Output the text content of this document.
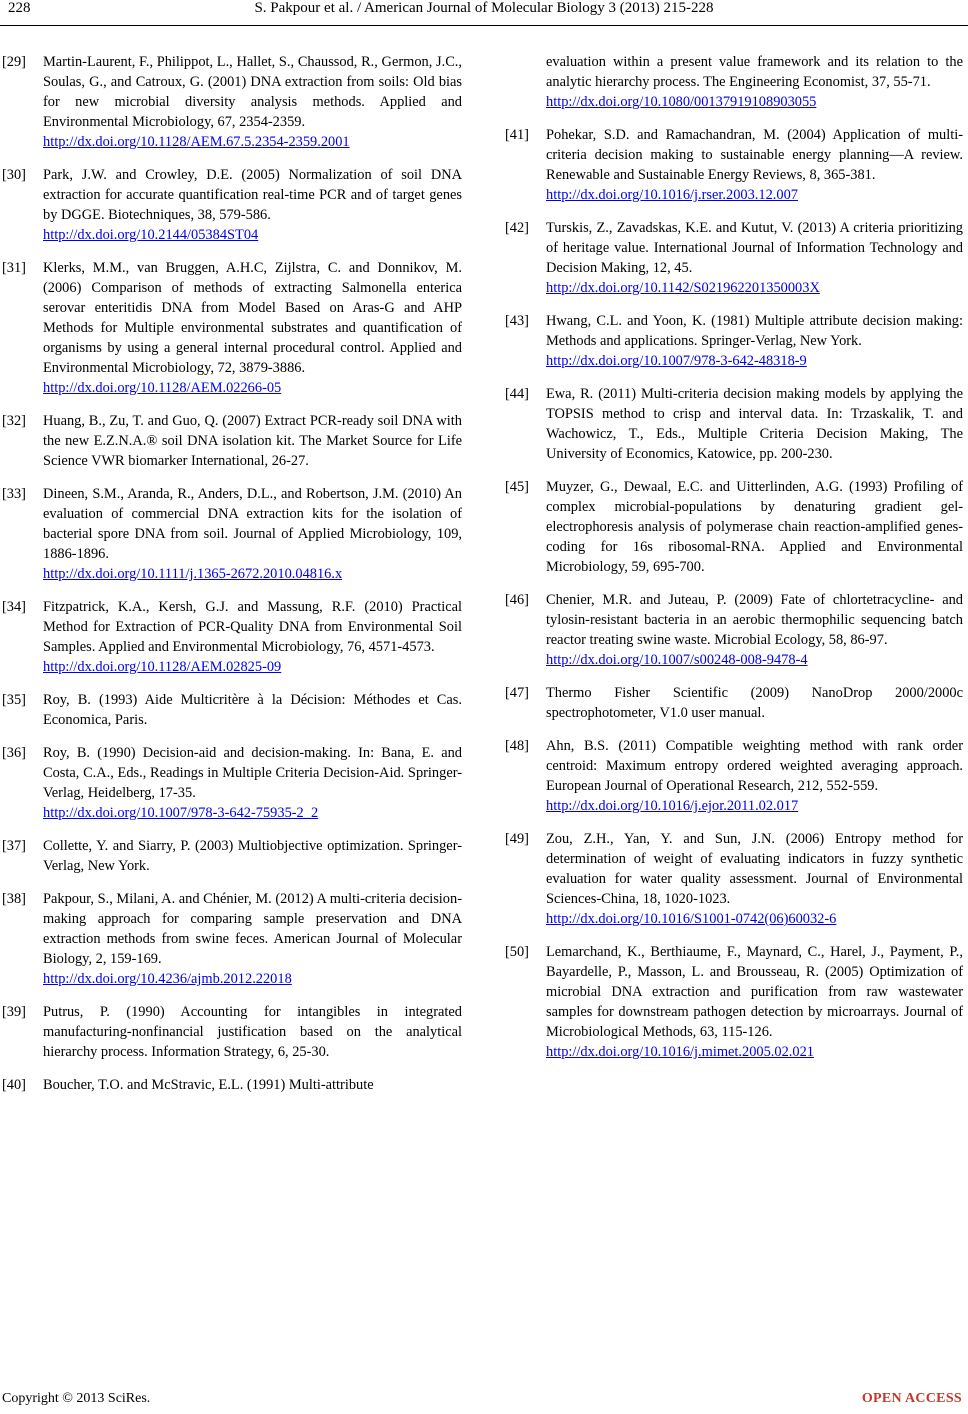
228	S. Pakpour et al. / American Journal of Molecular Biology 3 (2013) 215-228
[29] Martin-Laurent, F., Philippot, L., Hallet, S., Chaussod, R., Germon, J.C., Soulas, G., and Catroux, G. (2001) DNA extraction from soils: Old bias for new microbial diversity analysis methods. Applied and Environmental Microbiology, 67, 2354-2359.
http://dx.doi.org/10.1128/AEM.67.5.2354-2359.2001
[30] Park, J.W. and Crowley, D.E. (2005) Normalization of soil DNA extraction for accurate quantification real-time PCR and of target genes by DGGE. Biotechniques, 38, 579-586.
http://dx.doi.org/10.2144/05384ST04
[31] Klerks, M.M., van Bruggen, A.H.C, Zijlstra, C. and Donnikov, M. (2006) Comparison of methods of extracting Salmonella enterica serovar enteritidis DNA from Model Based on Aras-G and AHP Methods for Multiple environmental substrates and quantification of organisms by using a general internal procedural control. Applied and Environmental Microbiology, 72, 3879-3886.
http://dx.doi.org/10.1128/AEM.02266-05
[32] Huang, B., Zu, T. and Guo, Q. (2007) Extract PCR-ready soil DNA with the new E.Z.N.A.® soil DNA isolation kit. The Market Source for Life Science VWR biomarker International, 26-27.
[33] Dineen, S.M., Aranda, R., Anders, D.L., and Robertson, J.M. (2010) An evaluation of commercial DNA extraction kits for the isolation of bacterial spore DNA from soil. Journal of Applied Microbiology, 109, 1886-1896.
http://dx.doi.org/10.1111/j.1365-2672.2010.04816.x
[34] Fitzpatrick, K.A., Kersh, G.J. and Massung, R.F. (2010) Practical Method for Extraction of PCR-Quality DNA from Environmental Soil Samples. Applied and Environmental Microbiology, 76, 4571-4573.
http://dx.doi.org/10.1128/AEM.02825-09
[35] Roy, B. (1993) Aide Multicritère à la Décision: Méthodes et Cas. Economica, Paris.
[36] Roy, B. (1990) Decision-aid and decision-making. In: Bana, E. and Costa, C.A., Eds., Readings in Multiple Criteria Decision-Aid. Springer-Verlag, Heidelberg, 17-35.
http://dx.doi.org/10.1007/978-3-642-75935-2_2
[37] Collette, Y. and Siarry, P. (2003) Multiobjective optimization. Springer-Verlag, New York.
[38] Pakpour, S., Milani, A. and Chénier, M. (2012) A multi-criteria decision-making approach for comparing sample preservation and DNA extraction methods from swine feces. American Journal of Molecular Biology, 2, 159-169.
http://dx.doi.org/10.4236/ajmb.2012.22018
[39] Putrus, P. (1990) Accounting for intangibles in integrated manufacturing-nonfinancial justification based on the analytical hierarchy process. Information Strategy, 6, 25-30.
[40] Boucher, T.O. and McStravic, E.L. (1991) Multi-attribute
evaluation within a present value framework and its relation to the analytic hierarchy process. The Engineering Economist, 37, 55-71.
http://dx.doi.org/10.1080/00137919108903055
[41] Pohekar, S.D. and Ramachandran, M. (2004) Application of multi-criteria decision making to sustainable energy planning—A review. Renewable and Sustainable Energy Reviews, 8, 365-381.
http://dx.doi.org/10.1016/j.rser.2003.12.007
[42] Turskis, Z., Zavadskas, K.E. and Kutut, V. (2013) A criteria prioritizing of heritage value. International Journal of Information Technology and Decision Making, 12, 45.
http://dx.doi.org/10.1142/S021962201350003X
[43] Hwang, C.L. and Yoon, K. (1981) Multiple attribute decision making: Methods and applications. Springer-Verlag, New York.
http://dx.doi.org/10.1007/978-3-642-48318-9
[44] Ewa, R. (2011) Multi-criteria decision making models by applying the TOPSIS method to crisp and interval data. In: Trzaskalik, T. and Wachowicz, T., Eds., Multiple Criteria Decision Making, The University of Economics, Katowice, pp. 200-230.
[45] Muyzer, G., Dewaal, E.C. and Uitterlinden, A.G. (1993) Profiling of complex microbial-populations by denaturing gradient gel-electrophoresis analysis of polymerase chain reaction-amplified genes-coding for 16s ribosomal-RNA. Applied and Environmental Microbiology, 59, 695-700.
[46] Chenier, M.R. and Juteau, P. (2009) Fate of chlortetracycline- and tylosin-resistant bacteria in an aerobic thermophilic sequencing batch reactor treating swine waste. Microbial Ecology, 58, 86-97.
http://dx.doi.org/10.1007/s00248-008-9478-4
[47] Thermo Fisher Scientific (2009) NanoDrop 2000/2000c spectrophotometer, V1.0 user manual.
[48] Ahn, B.S. (2011) Compatible weighting method with rank order centroid: Maximum entropy ordered weighted averaging approach. European Journal of Operational Research, 212, 552-559.
http://dx.doi.org/10.1016/j.ejor.2011.02.017
[49] Zou, Z.H., Yan, Y. and Sun, J.N. (2006) Entropy method for determination of weight of evaluating indicators in fuzzy synthetic evaluation for water quality assessment. Journal of Environmental Sciences-China, 18, 1020-1023.
http://dx.doi.org/10.1016/S1001-0742(06)60032-6
[50] Lemarchand, K., Berthiaume, F., Maynard, C., Harel, J., Payment, P., Bayardelle, P., Masson, L. and Brousseau, R. (2005) Optimization of microbial DNA extraction and purification from raw wastewater samples for downstream pathogen detection by microarrays. Journal of Microbiological Methods, 63, 115-126.
http://dx.doi.org/10.1016/j.mimet.2005.02.021
Copyright © 2013 SciRes.	OPEN ACCESS
